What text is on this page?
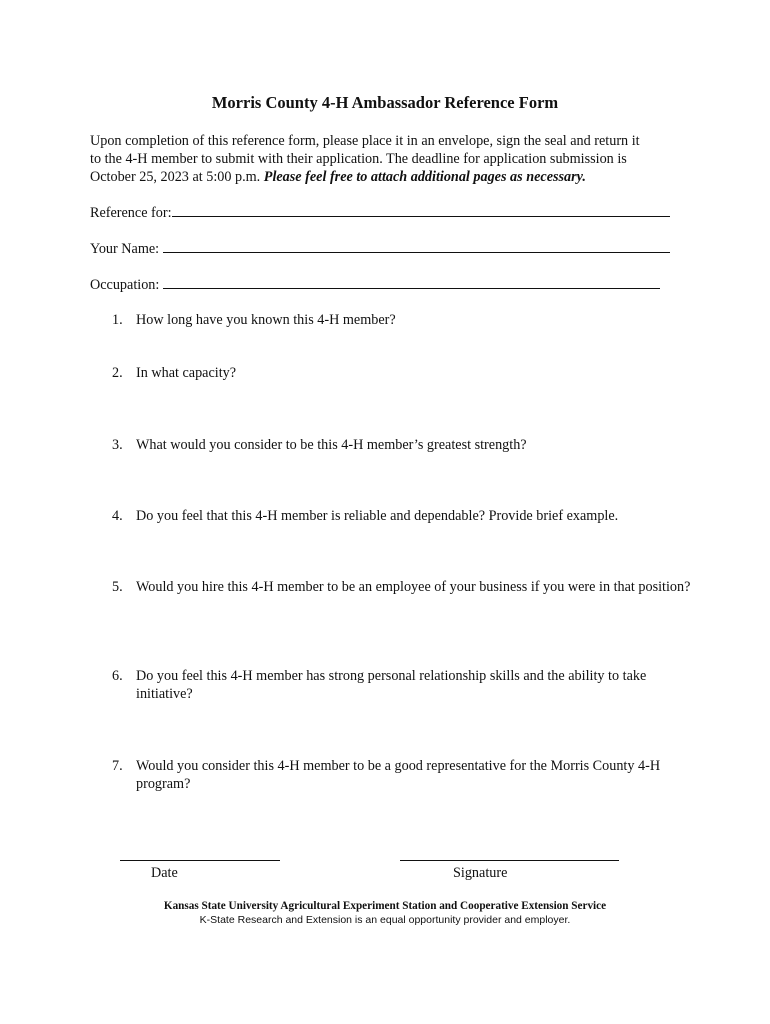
Morris County 4-H Ambassador Reference Form
Upon completion of this reference form, please place it in an envelope, sign the seal and return it
to the 4-H member to submit with their application. The deadline for application submission is
October 25, 2023 at 5:00 p.m. Please feel free to attach additional pages as necessary.
Reference for:
Your Name:
Occupation:
1. How long have you known this 4-H member?
2. In what capacity?
3. What would you consider to be this 4-H member’s greatest strength?
4. Do you feel that this 4-H member is reliable and dependable? Provide brief example.
5. Would you hire this 4-H member to be an employee of your business if you were in that position?
6. Do you feel this 4-H member has strong personal relationship skills and the ability to take initiative?
7. Would you consider this 4-H member to be a good representative for the Morris County 4-H program?
Date	Signature
Kansas State University Agricultural Experiment Station and Cooperative Extension Service
K-State Research and Extension is an equal opportunity provider and employer.
